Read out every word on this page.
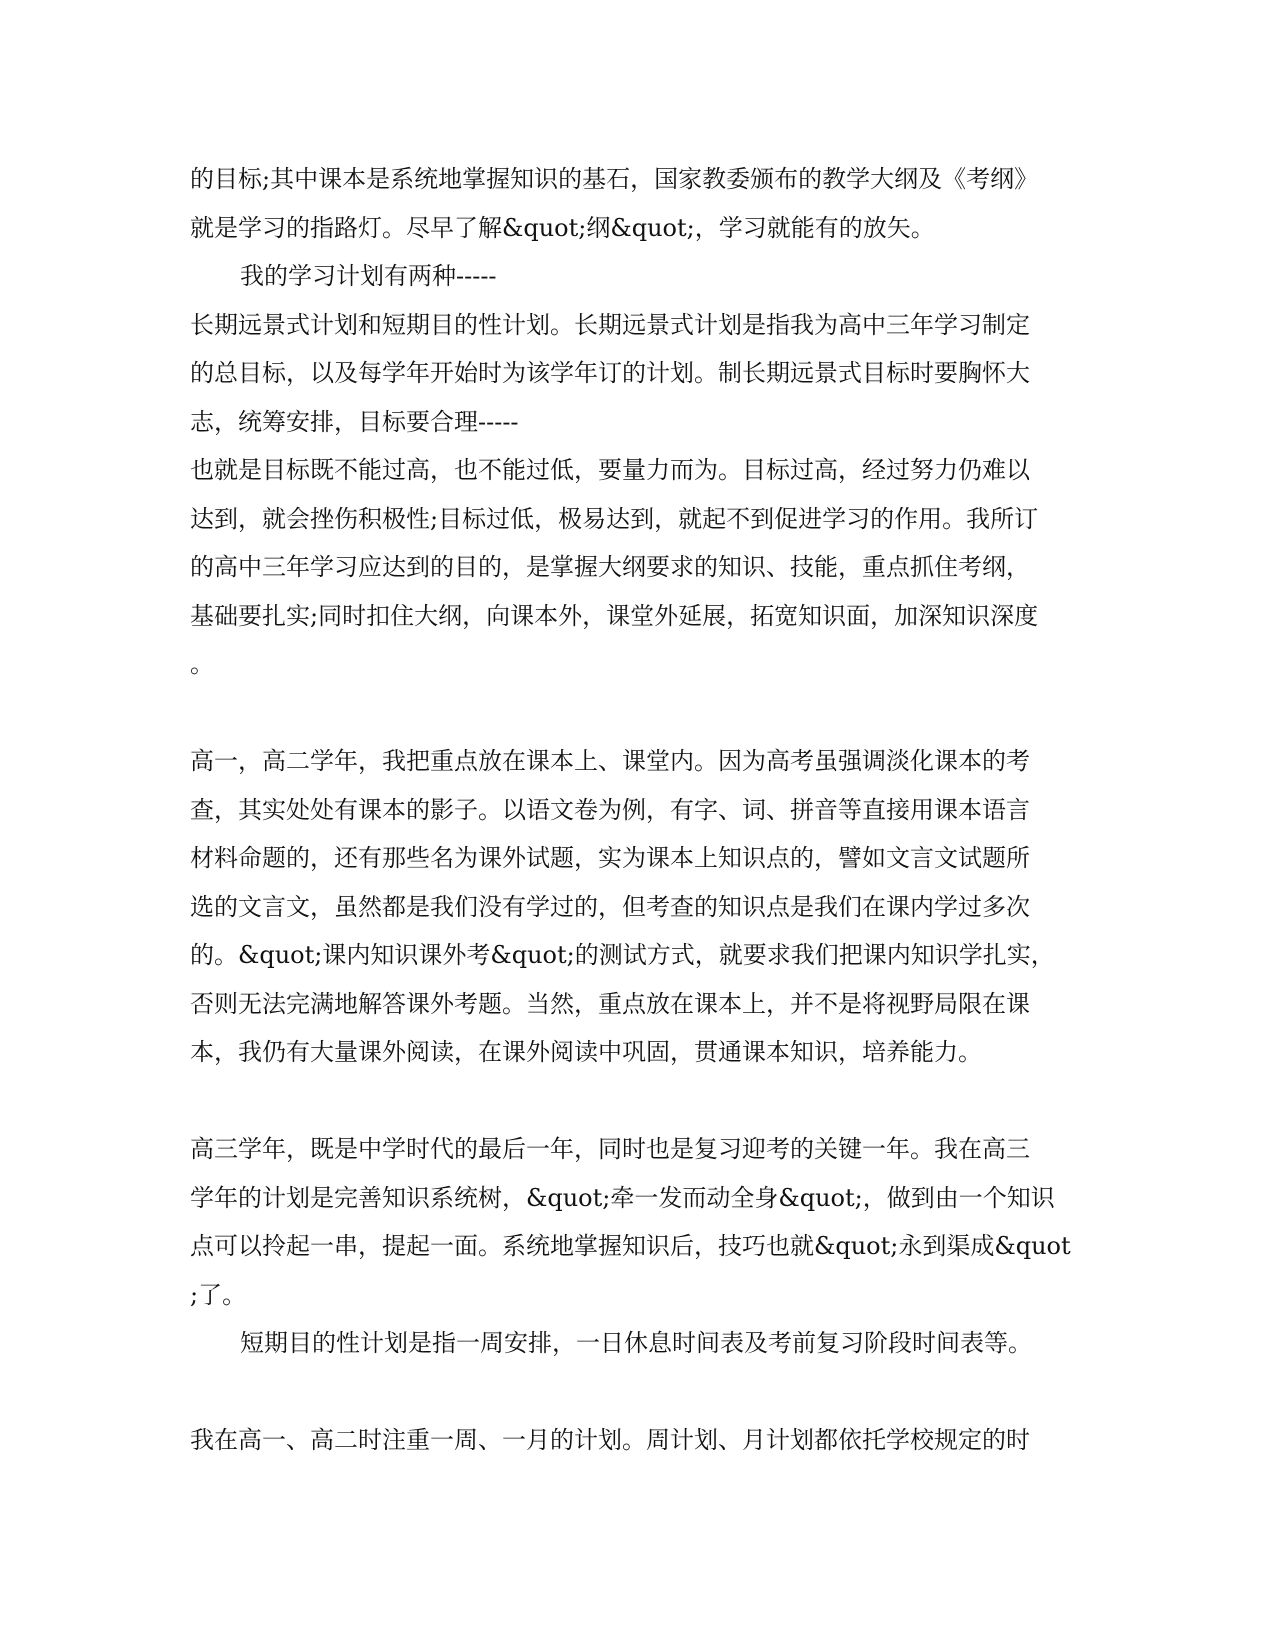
的目标;其中课本是系统地掌握知识的基石，国家教委颁布的教学大纲及《考纲》
就是学习的指路灯。尽早了解&quot;纲&quot;，学习就能有的放矢。
我的学习计划有两种-----
长期远景式计划和短期目的性计划。长期远景式计划是指我为高中三年学习制定
的总目标，以及每学年开始时为该学年订的计划。制长期远景式目标时要胸怀大
志，统筹安排，目标要合理-----
也就是目标既不能过高，也不能过低，要量力而为。目标过高，经过努力仍难以
达到，就会挫伤积极性;目标过低，极易达到，就起不到促进学习的作用。我所订
的高中三年学习应达到的目的，是掌握大纲要求的知识、技能，重点抓住考纲，
基础要扎实;同时扣住大纲，向课本外，课堂外延展，拓宽知识面，加深知识深度
。
高一，高二学年，我把重点放在课本上、课堂内。因为高考虽强调淡化课本的考
查，其实处处有课本的影子。以语文卷为例，有字、词、拼音等直接用课本语言
材料命题的，还有那些名为课外试题，实为课本上知识点的，譬如文言文试题所
选的文言文，虽然都是我们没有学过的，但考查的知识点是我们在课内学过多次
的。&quot;课内知识课外考&quot;的测试方式，就要求我们把课内知识学扎实，
否则无法完满地解答课外考题。当然，重点放在课本上，并不是将视野局限在课
本，我仍有大量课外阅读，在课外阅读中巩固，贯通课本知识，培养能力。
高三学年，既是中学时代的最后一年，同时也是复习迎考的关键一年。我在高三
学年的计划是完善知识系统树，&quot;牵一发而动全身&quot;，做到由一个知识
点可以拎起一串，提起一面。系统地掌握知识后，技巧也就&quot;永到渠成&quot
;了。
短期目的性计划是指一周安排，一日休息时间表及考前复习阶段时间表等。
我在高一、高二时注重一周、一月的计划。周计划、月计划都依托学校规定的时
